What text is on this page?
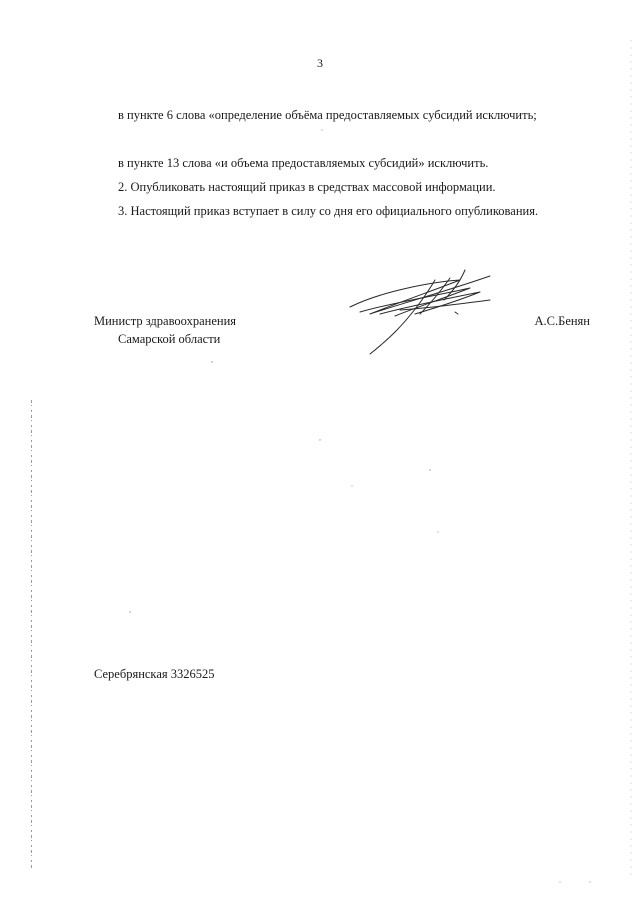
3

в пункте 6 слова «определение объёма предоставляемых субсидий исключить;

в пункте 13 слова «и объема предоставляемых субсидий» исключить.

2. Опубликовать настоящий приказ в средствах массовой информации.

3. Настоящий приказ вступает в силу со дня его официального опубликования.

Министр здравоохранения
Самарской области
А.С.Бенян
Серебрянская 3326525
